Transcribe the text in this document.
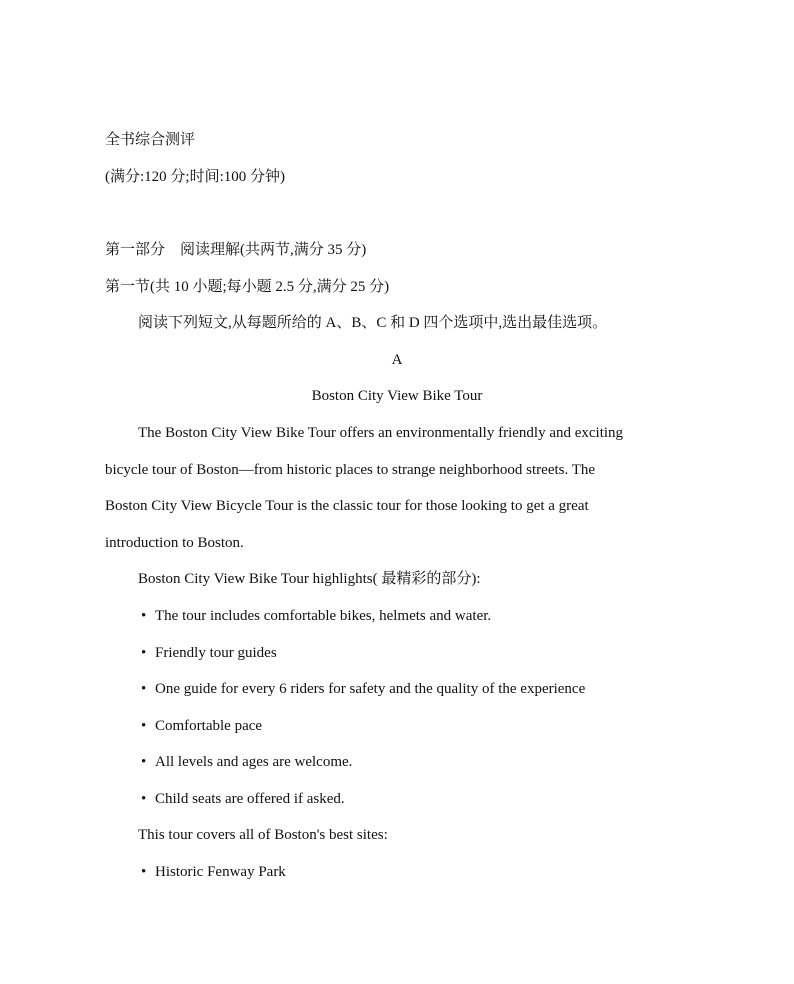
全书综合测评
(满分:120 分;时间:100 分钟)
第一部分　阅读理解(共两节,满分 35 分)
第一节(共 10 小题;每小题 2.5 分,满分 25 分)
阅读下列短文,从每题所给的 A、B、C 和 D 四个选项中,选出最佳选项。
A
Boston City View Bike Tour
The Boston City View Bike Tour offers an environmentally friendly and exciting
bicycle tour of Boston—from historic places to strange neighborhood streets. The
Boston City View Bicycle Tour is the classic tour for those looking to get a great
introduction to Boston.
Boston City View Bike Tour highlights( 最精彩的部分):
• The tour includes comfortable bikes, helmets and water.
• Friendly tour guides
• One guide for every 6 riders for safety and the quality of the experience
• Comfortable pace
• All levels and ages are welcome.
• Child seats are offered if asked.
This tour covers all of Boston's best sites:
• Historic Fenway Park
